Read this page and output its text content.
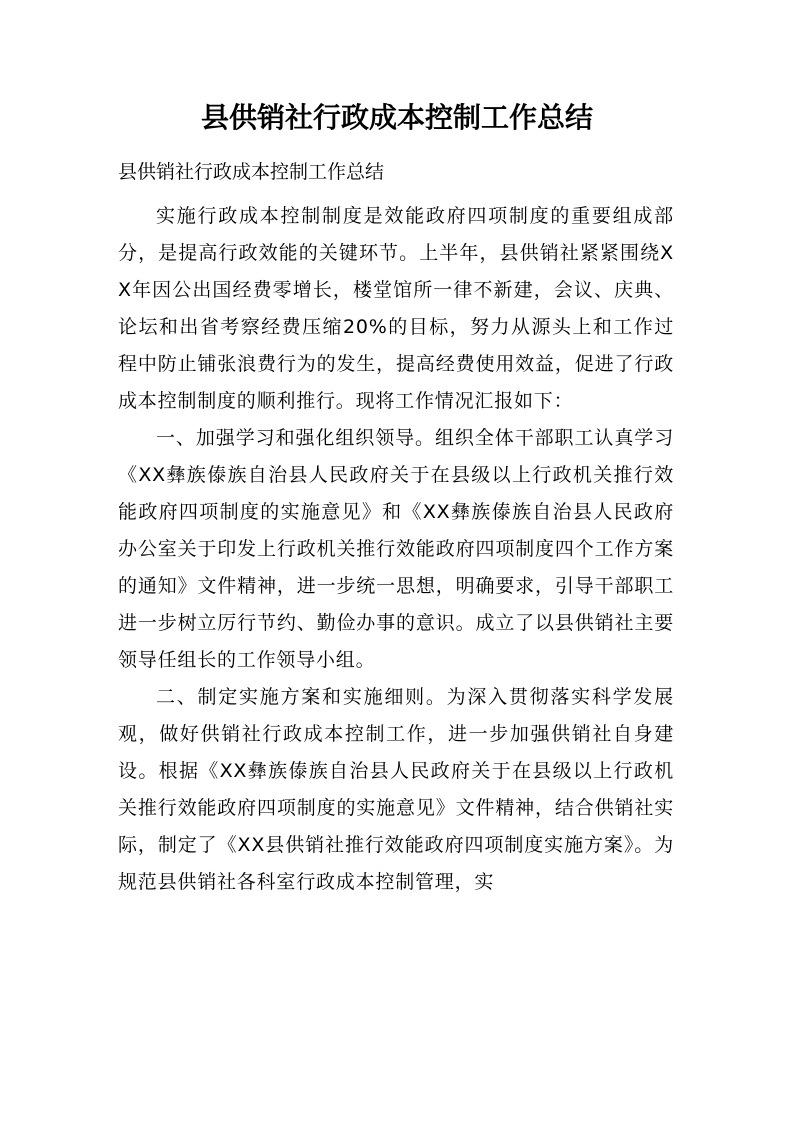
县供销社行政成本控制工作总结

县供销社行政成本控制工作总结

实施行政成本控制制度是效能政府四项制度的重要组成部分，是提高行政效能的关键环节。上半年，县供销社紧紧围绕XX年因公出国经费零增长，楼堂馆所一律不新建，会议、庆典、论坛和出省考察经费压缩20%的目标，努力从源头上和工作过程中防止铺张浪费行为的发生，提高经费使用效益，促进了行政成本控制制度的顺利推行。现将工作情况汇报如下：

一、加强学习和强化组织领导。组织全体干部职工认真学习《XX彝族傣族自治县人民政府关于在县级以上行政机关推行效能政府四项制度的实施意见》和《XX彝族傣族自治县人民政府办公室关于印发上行政机关推行效能政府四项制度四个工作方案的通知》文件精神，进一步统一思想，明确要求，引导干部职工进一步树立厉行节约、勤俭办事的意识。成立了以县供销社主要领导任组长的工作领导小组。

二、制定实施方案和实施细则。为深入贯彻落实科学发展观，做好供销社行政成本控制工作，进一步加强供销社自身建设。根据《XX彝族傣族自治县人民政府关于在县级以上行政机关推行效能政府四项制度的实施意见》文件精神，结合供销社实际，制定了《XX县供销社推行效能政府四项制度实施方案》。为规范县供销社各科室行政成本控制管理，实
